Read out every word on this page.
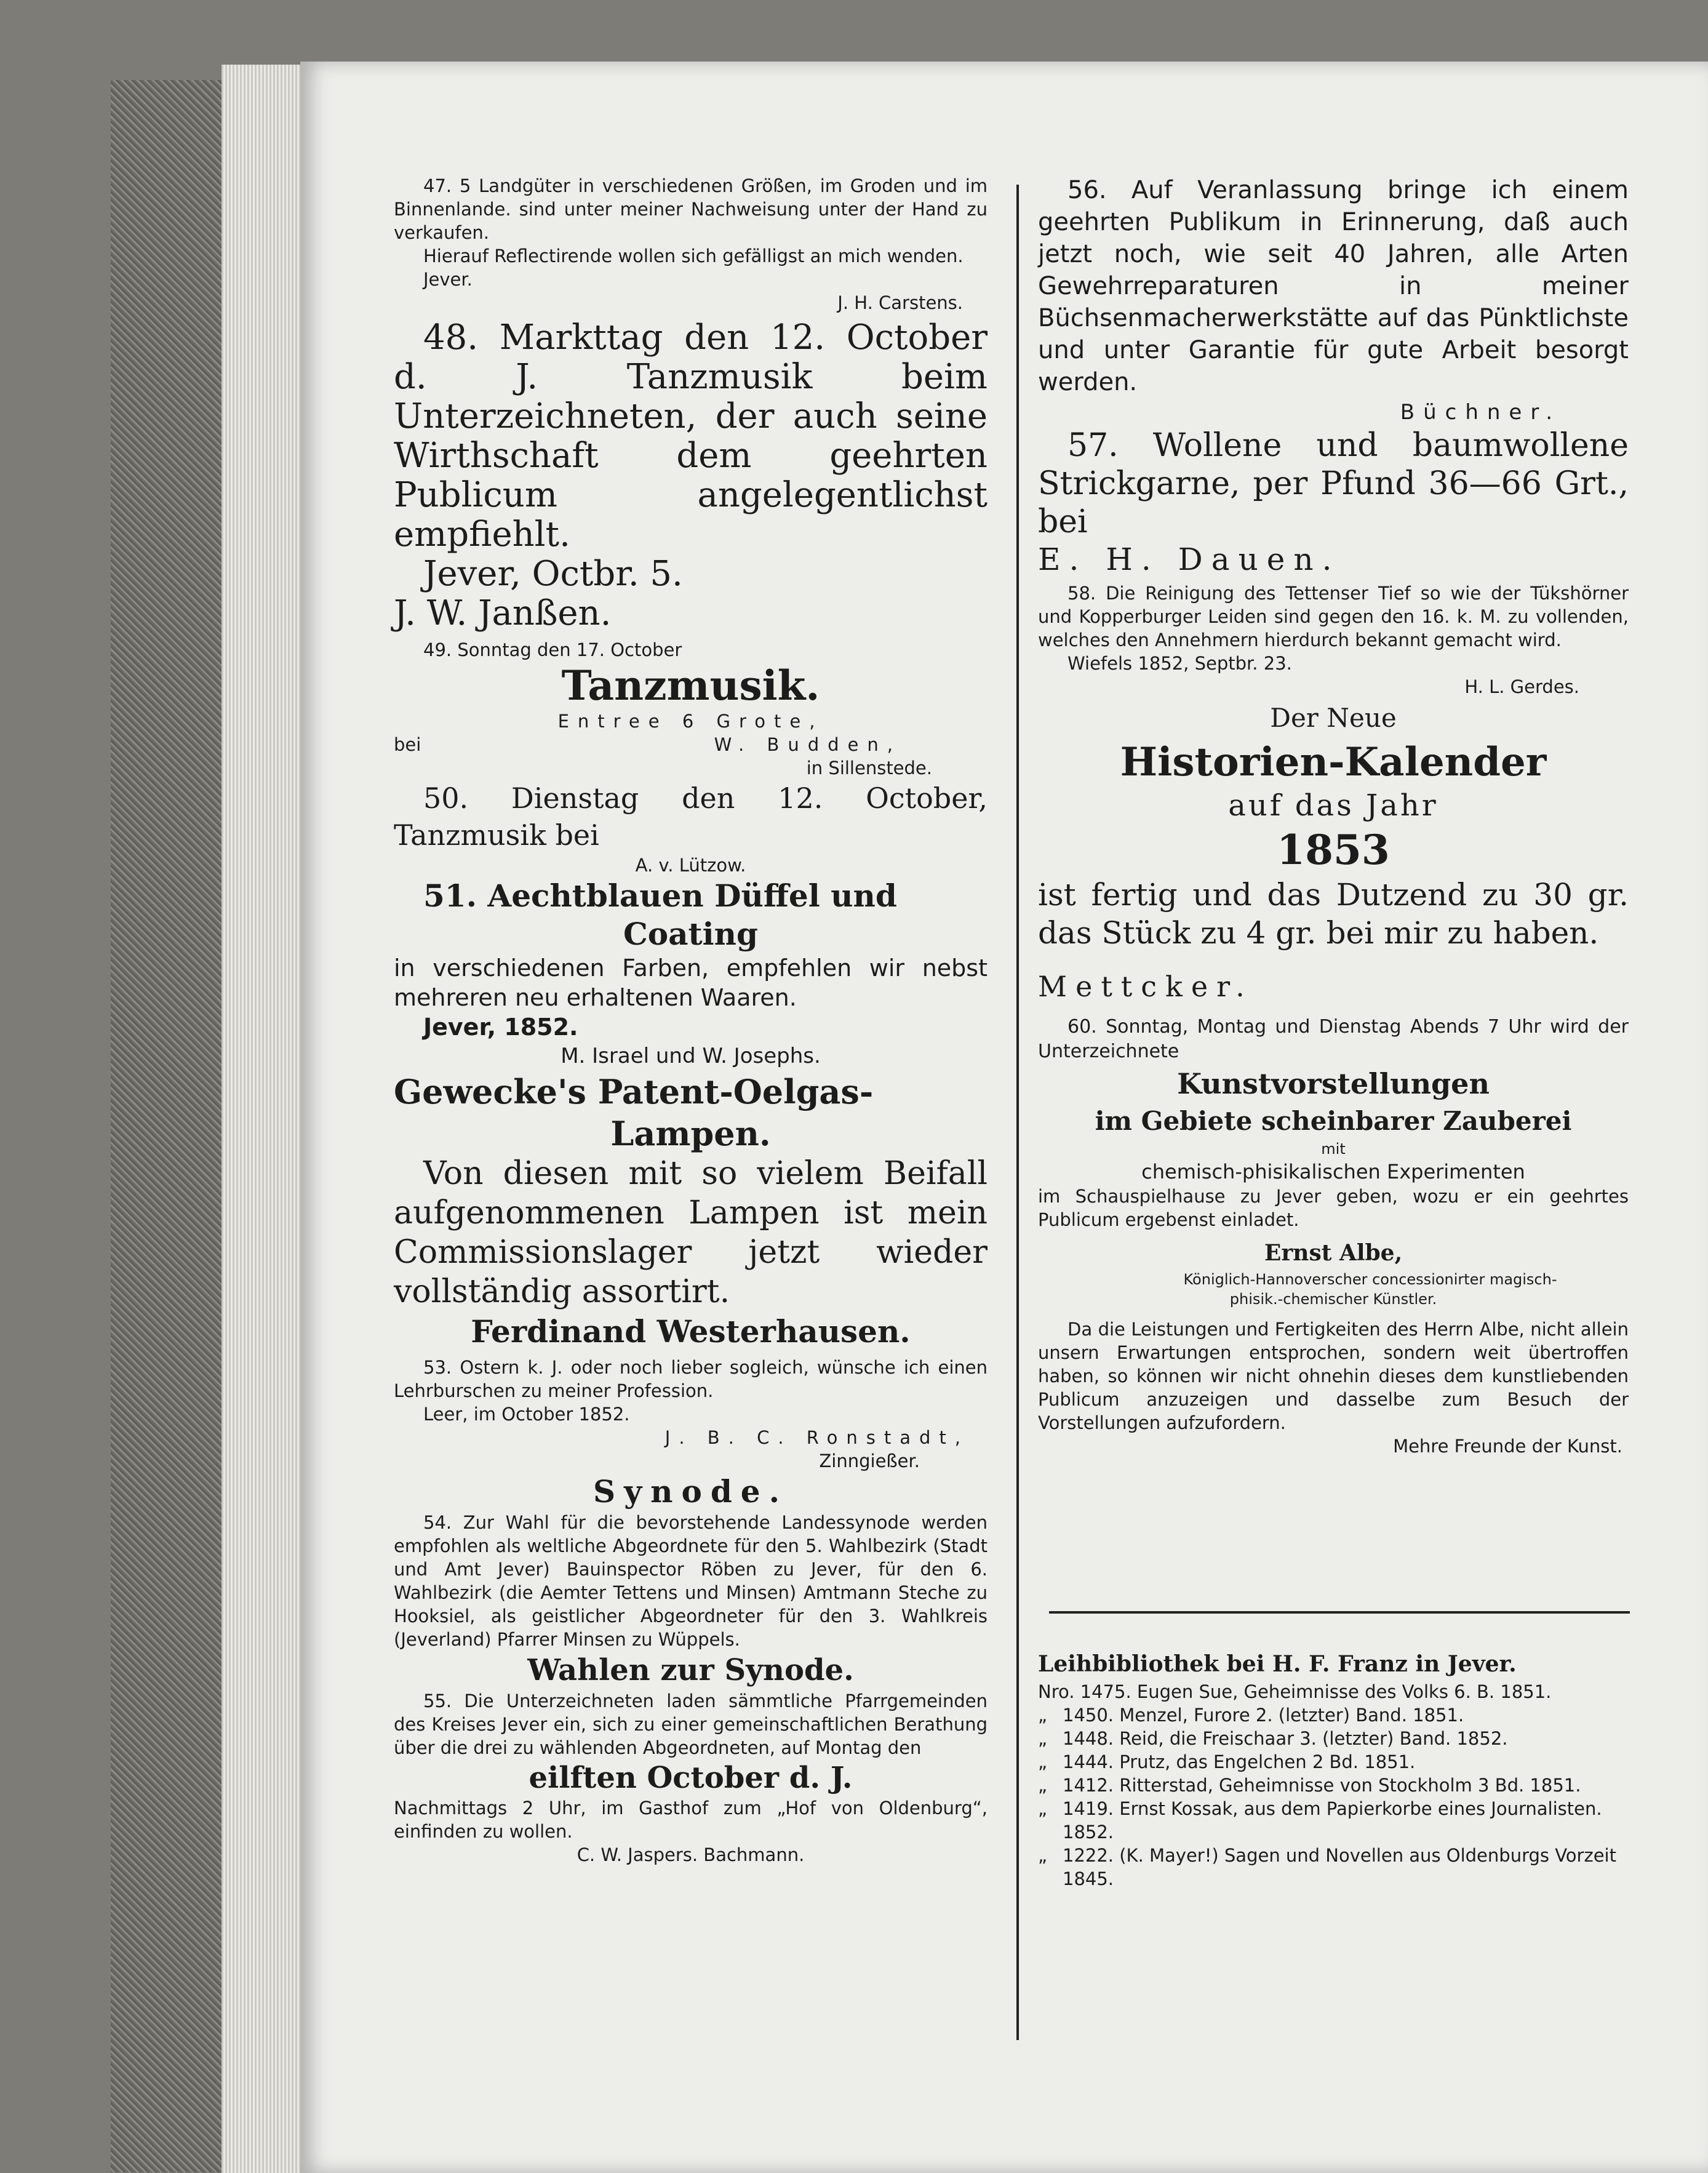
47. 5 Landgüter in verschiedenen Größen, im Groden und im Binnenlande. sind unter meiner Nachweisung unter der Hand zu verkaufen.

Hierauf Reflectirende wollen sich gefälligst an mich wenden.

Jever.

J. H. Carstens.

48. Markttag den 12. October d. J. Tanzmusik beim Unterzeichneten, der auch seine Wirthschaft dem geehrten Publicum angelegentlichst empfiehlt.

Jever, Octbr. 5.

J. W. Janßen.

49. Sonntag den 17. October

Tanzmusik.

Entree 6 Grote,

bei	W. Budden,

in Sillenstede.

50. Dienstag den 12. October, Tanzmusik bei

A. v. Lützow.

51. Aechtblauen Düffel und

Coating

in verschiedenen Farben, empfehlen wir nebst mehreren neu erhaltenen Waaren.

Jever, 1852.

M. Israel und W. Josephs.

Gewecke's Patent-Oelgas-

Lampen.

Von diesen mit so vielem Beifall aufgenommenen Lampen ist mein Commissionslager jetzt wieder vollständig assortirt.

Ferdinand Westerhausen.

53. Ostern k. J. oder noch lieber sogleich, wünsche ich einen Lehrburschen zu meiner Profession.

Leer, im October 1852.

J. B. C. Ronstadt,

Zinngießer.

Synode.

54. Zur Wahl für die bevorstehende Landessynode werden empfohlen als weltliche Abgeordnete für den 5. Wahlbezirk (Stadt und Amt Jever) Bauinspector Röben zu Jever, für den 6. Wahlbezirk (die Aemter Tettens und Minsen) Amtmann Steche zu Hooksiel, als geistlicher Abgeordneter für den 3. Wahlkreis (Jeverland) Pfarrer Minsen zu Wüppels.

Wahlen zur Synode.

55. Die Unterzeichneten laden sämmtliche Pfarrgemeinden des Kreises Jever ein, sich zu einer gemeinschaftlichen Berathung über die drei zu wählenden Abgeordneten, auf Montag den

eilften October d. J.

Nachmittags 2 Uhr, im Gasthof zum „Hof von Oldenburg“, einfinden zu wollen.

C. W. Jaspers. Bachmann.

56. Auf Veranlassung bringe ich einem geehrten Publikum in Erinnerung, daß auch jetzt noch, wie seit 40 Jahren, alle Arten Gewehrreparaturen in meiner Büchsenmacherwerkstätte auf das Pünktlichste und unter Garantie für gute Arbeit besorgt werden.

Büchner.

57. Wollene und baumwollene Strickgarne, per Pfund 36—66 Grt., bei

E. H. Dauen.

58. Die Reinigung des Tettenser Tief so wie der Tükshörner und Kopperburger Leiden sind gegen den 16. k. M. zu vollenden, welches den Annehmern hierdurch bekannt gemacht wird.

Wiefels 1852, Septbr. 23.

H. L. Gerdes.

Der Neue

Historien-Kalender

auf das Jahr

1853

ist fertig und das Dutzend zu 30 gr. das Stück zu 4 gr. bei mir zu haben.

Mettcker.

60. Sonntag, Montag und Dienstag Abends 7 Uhr wird der Unterzeichnete

Kunstvorstellungen

im Gebiete scheinbarer Zauberei

mit

chemisch-phisikalischen Experimenten

im Schauspielhause zu Jever geben, wozu er ein geehrtes Publicum ergebenst einladet.

Ernst Albe,

Königlich-Hannoverscher concessionirter magisch-

phisik.-chemischer Künstler.

Da die Leistungen und Fertigkeiten des Herrn Albe, nicht allein unsern Erwartungen entsprochen, sondern weit übertroffen haben, so können wir nicht ohnehin dieses dem kunstliebenden Publicum anzuzeigen und dasselbe zum Besuch der Vorstellungen aufzufordern.

Mehre Freunde der Kunst.

Leihbibliothek bei H. F. Franz in Jever.

Nro. 1475. Eugen Sue, Geheimnisse des Volks 6. B. 1851.
„ 1450. Menzel, Furore 2. (letzter) Band. 1851.
„ 1448. Reid, die Freischaar 3. (letzter) Band. 1852.
„ 1444. Prutz, das Engelchen 2 Bd. 1851.
„ 1412. Ritterstad, Geheimnisse von Stockholm 3 Bd. 1851.
„ 1419. Ernst Kossak, aus dem Papierkorbe eines Journalisten. 1852.
„ 1222. (K. Mayer!) Sagen und Novellen aus Oldenburgs Vorzeit 1845.
